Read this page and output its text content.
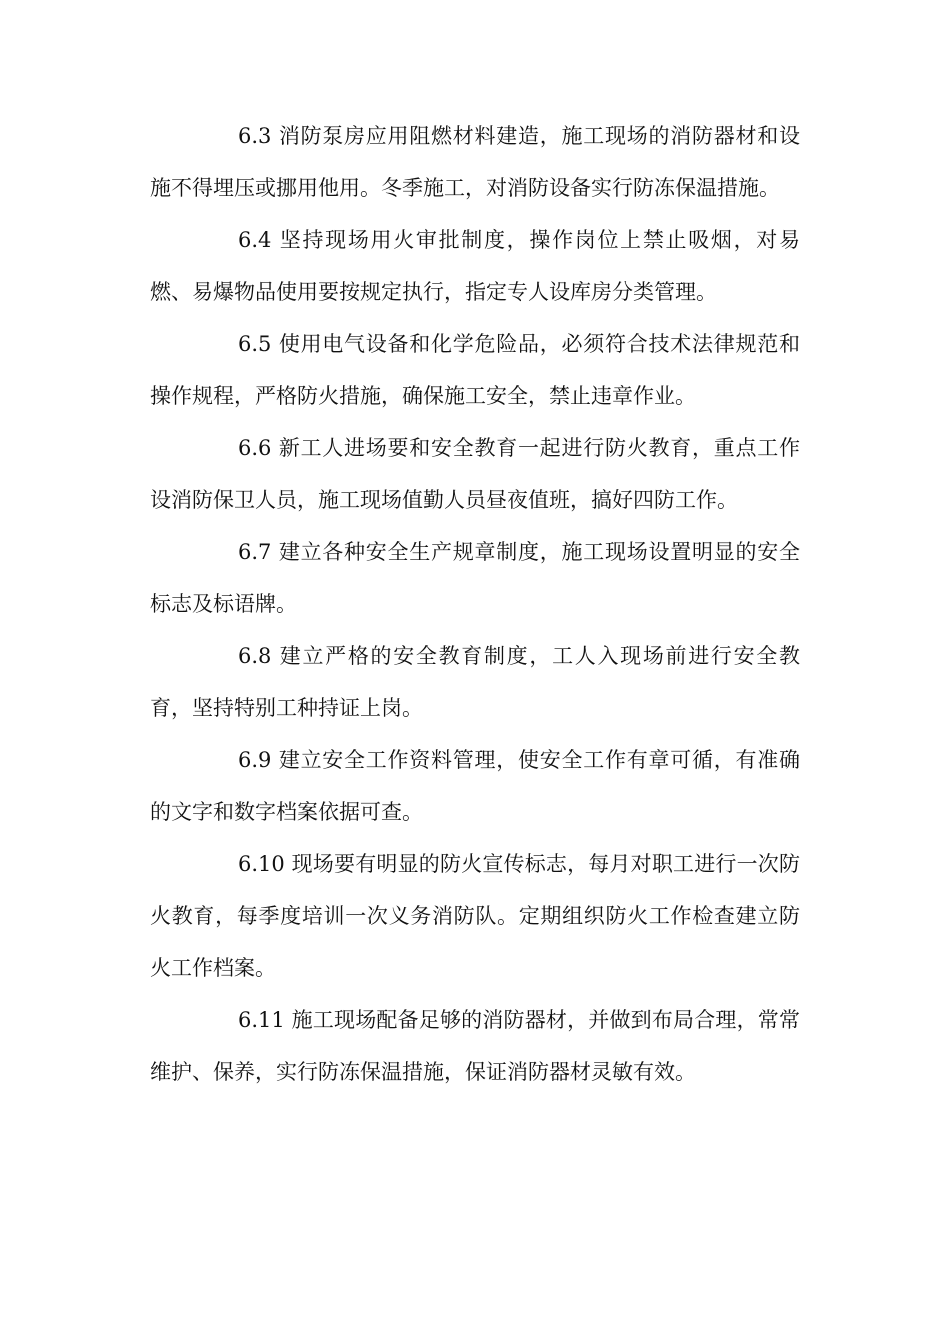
6.3 消防泵房应用阻燃材料建造，施工现场的消防器材和设施不得埋压或挪用他用。冬季施工，对消防设备实行防冻保温措施。

6.4 坚持现场用火审批制度，操作岗位上禁止吸烟，对易燃、易爆物品使用要按规定执行，指定专人设库房分类管理。

6.5 使用电气设备和化学危险品，必须符合技术法律规范和操作规程，严格防火措施，确保施工安全，禁止违章作业。

6.6 新工人进场要和安全教育一起进行防火教育，重点工作设消防保卫人员，施工现场值勤人员昼夜值班，搞好四防工作。

6.7 建立各种安全生产规章制度，施工现场设置明显的安全标志及标语牌。

6.8 建立严格的安全教育制度，工人入现场前进行安全教育，坚持特别工种持证上岗。

6.9 建立安全工作资料管理，使安全工作有章可循，有准确的文字和数字档案依据可查。

6.10 现场要有明显的防火宣传标志，每月对职工进行一次防火教育，每季度培训一次义务消防队。定期组织防火工作检查建立防火工作档案。

6.11 施工现场配备足够的消防器材，并做到布局合理，常常维护、保养，实行防冻保温措施，保证消防器材灵敏有效。
